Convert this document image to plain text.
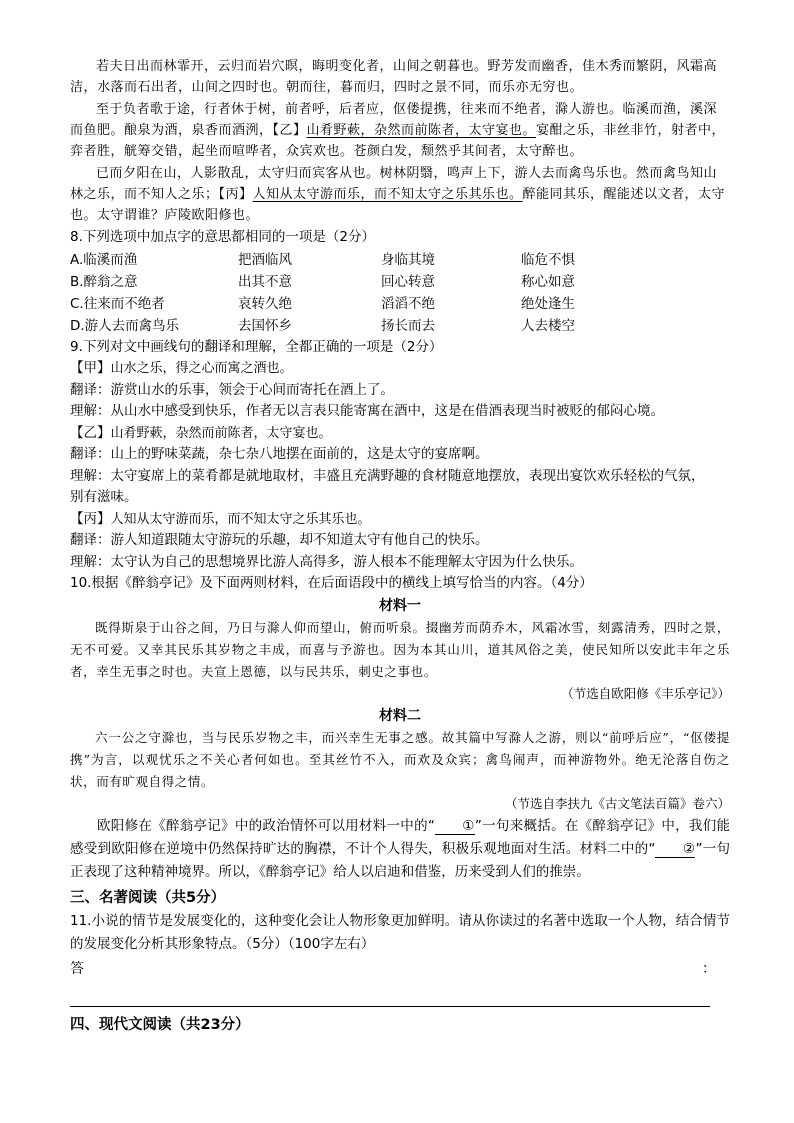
若夫日出而林霏开，云归而岩穴暝，晦明变化者，山间之朝暮也。野芳发而幽香，佳木秀而繁阴，风霜高洁，水落而石出者，山间之四时也。朝而往，暮而归，四时之景不同，而乐亦无穷也。

至于负者歌于途，行者休于树，前者呼，后者应，伛偻提携，往来而不绝者，滁人游也。临溪而渔，溪深而鱼肥。酿泉为酒，泉香而酒洌，【乙】山肴野蔌，杂然而前陈者，太守宴也。宴酣之乐，非丝非竹，射者中，弈者胜，觥筹交错，起坐而喧哗者，众宾欢也。苍颜白发，颓然乎其间者，太守醉也。

已而夕阳在山，人影散乱，太守归而宾客从也。树林阴翳，鸣声上下，游人去而禽鸟乐也。然而禽鸟知山林之乐，而不知人之乐；【丙】人知从太守游而乐，而不知太守之乐其乐也。醉能同其乐，醒能述以文者，太守也。太守谓谁？庐陵欧阳修也。

8.下列选项中加点字的意思都相同的一项是（2分）

A.临溪而渔	把酒临风	身临其境	临危不惧
B.醉翁之意	出其不意	回心转意	称心如意
C.往来而不绝者	哀转久绝	滔滔不绝	绝处逢生
D.游人去而禽鸟乐	去国怀乡	扬长而去	人去楼空

9.下列对文中画线句的翻译和理解，全都正确的一项是（2分）

【甲】山水之乐，得之心而寓之酒也。

翻译：游赏山水的乐事，领会于心间而寄托在酒上了。

理解：从山水中感受到快乐，作者无以言表只能寄寓在酒中，这是在借酒表现当时被贬的郁闷心境。

【乙】山肴野蔌，杂然而前陈者，太守宴也。

翻译：山上的野味菜蔬，杂七杂八地摆在面前的，这是太守的宴席啊。

理解：太守宴席上的菜肴都是就地取材，丰盛且充满野趣的食材随意地摆放，表现出宴饮欢乐轻松的气氛，

别有滋味。

【丙】人知从太守游而乐，而不知太守之乐其乐也。

翻译：游人知道跟随太守游玩的乐趣，却不知道太守有他自己的快乐。

理解：太守认为自己的思想境界比游人高得多，游人根本不能理解太守因为什么快乐。

10.根据《醉翁亭记》及下面两则材料，在后面语段中的横线上填写恰当的内容。（4分）

材料一

既得斯泉于山谷之间，乃日与滁人仰而望山，俯而听泉。掇幽芳而荫乔木，风霜冰雪，刻露清秀，四时之景，无不可爱。又幸其民乐其岁物之丰成，而喜与予游也。因为本其山川，道其风俗之美，使民知所以安此丰年之乐者，幸生无事之时也。夫宣上恩德，以与民共乐，刺史之事也。

（节选自欧阳修《丰乐亭记》）

材料二

六一公之守滁也，当与民乐岁物之丰，而兴幸生无事之感。故其篇中写滁人之游，则以“前呼后应”，“伛偻提携”为言，以观忧乐之不关心者何如也。至其丝竹不入，而欢及众宾；禽鸟闹声，而神游物外。绝无沦落自伤之状，而有旷观自得之情。

（节选自李扶九《古文笔法百篇》卷六）

欧阳修在《醉翁亭记》中的政治情怀可以用材料一中的“ ①”一句来概括。在《醉翁亭记》中，我们能感受到欧阳修在逆境中仍然保持旷达的胸襟，不计个人得失，积极乐观地面对生活。材料二中的“ ②”一句正表现了这种精神境界。所以，《醉翁亭记》给人以启迪和借鉴，历来受到人们的推崇。

三、名著阅读（共5分）

11.小说的情节是发展变化的，这种变化会让人物形象更加鲜明。请从你读过的名著中选取一个人物，结合情节的发展变化分析其形象特点。（5分）（100字左右）

答	：

四、现代文阅读（共23分）
